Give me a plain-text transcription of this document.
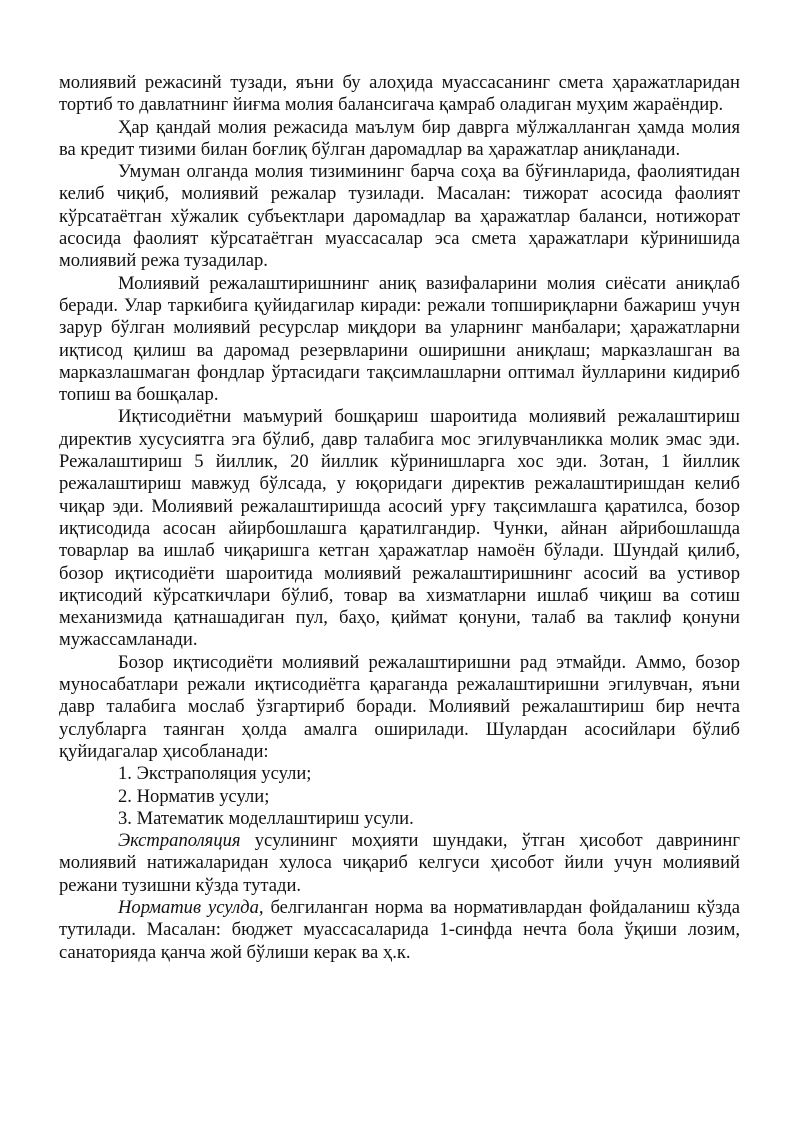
молиявий режасинй тузади, яъни бу алоҳида муассасанинг смета ҳаражатларидан тортиб то давлатнинг йиғма молия балансигача қамраб оладиган муҳим жараёндир.

Ҳар қандай молия режасида маълум бир даврга мўлжалланган ҳамда молия ва кредит тизими билан боғлиқ бўлган даромадлар ва ҳаражатлар аниқланади.

Умуман олганда молия тизимининг барча соҳа ва бўғинларида, фаолиятидан келиб чиқиб, молиявий режалар тузилади. Масалан: тижорат асосида фаолият кўрсатаётган хўжалик субъектлари даромадлар ва ҳаражатлар баланси, нотижорат асосида фаолият кўрсатаётган муассасалар эса смета ҳаражатлари кўринишида молиявий режа тузадилар.

Молиявий режалаштиришнинг аниқ вазифаларини молия сиёсати аниқлаб беради. Улар таркибига қуйидагилар киради: режали топшириқларни бажариш учун зарур бўлган молиявий ресурслар миқдори ва уларнинг манбалари; ҳаражатларни иқтисод қилиш ва даромад резервларини оширишни аниқлаш; марказлашган ва марказлашмаган фондлар ўртасидаги тақсимлашларни оптимал йулларини кидириб топиш ва бошқалар.

Иқтисодиётни маъмурий бошқариш шароитида молиявий режалаштириш директив хусусиятга эга бўлиб, давр талабига мос эгилувчанликка молик эмас эди. Режалаштириш 5 йиллик, 20 йиллик кўринишларга хос эди. Зотан, 1 йиллик режалаштириш мавжуд бўлсада, у юқоридаги директив режалаштиришдан келиб чиқар эди. Молиявий режалаштиришда асосий урғу тақсимлашга қаратилса, бозор иқтисодида асосан айирбошлашга қаратилгандир. Чунки, айнан айрибошлашда товарлар ва ишлаб чиқаришга кетган ҳаражатлар намоён бўлади. Шундай қилиб, бозор иқтисодиёти шароитида молиявий режалаштиришнинг асосий ва устивор иқтисодий кўрсаткичлари бўлиб, товар ва хизматларни ишлаб чиқиш ва сотиш механизмида қатнашадиган пул, баҳо, қиймат қонуни, талаб ва таклиф қонуни мужассамланади.

Бозор иқтисодиёти молиявий режалаштиришни рад этмайди. Аммо, бозор муносабатлари режали иқтисодиётга қараганда режалаштиришни эгилувчан, яъни давр талабига мослаб ўзгартириб боради. Молиявий режалаштириш бир нечта услубларга таянган ҳолда амалга оширилади. Шулардан асосийлари бўлиб қуйидагалар ҳисобланади:

1. Экстраполяция усули;

2. Норматив усули;

3. Математик моделлаштириш усули.

Экстраполяция усулининг моҳияти шундаки, ўтган ҳисобот даврининг молиявий натижаларидан хулоса чиқариб келгуси ҳисобот йили учун молиявий режани тузишни кўзда тутади.

Норматив усулда, белгиланган норма ва нормативлардан фойдаланиш кўзда тутилади. Масалан: бюджет муассасаларида 1-синфда нечта бола ўқиши лозим, санаторияда қанча жой бўлиши керак ва ҳ.к.
